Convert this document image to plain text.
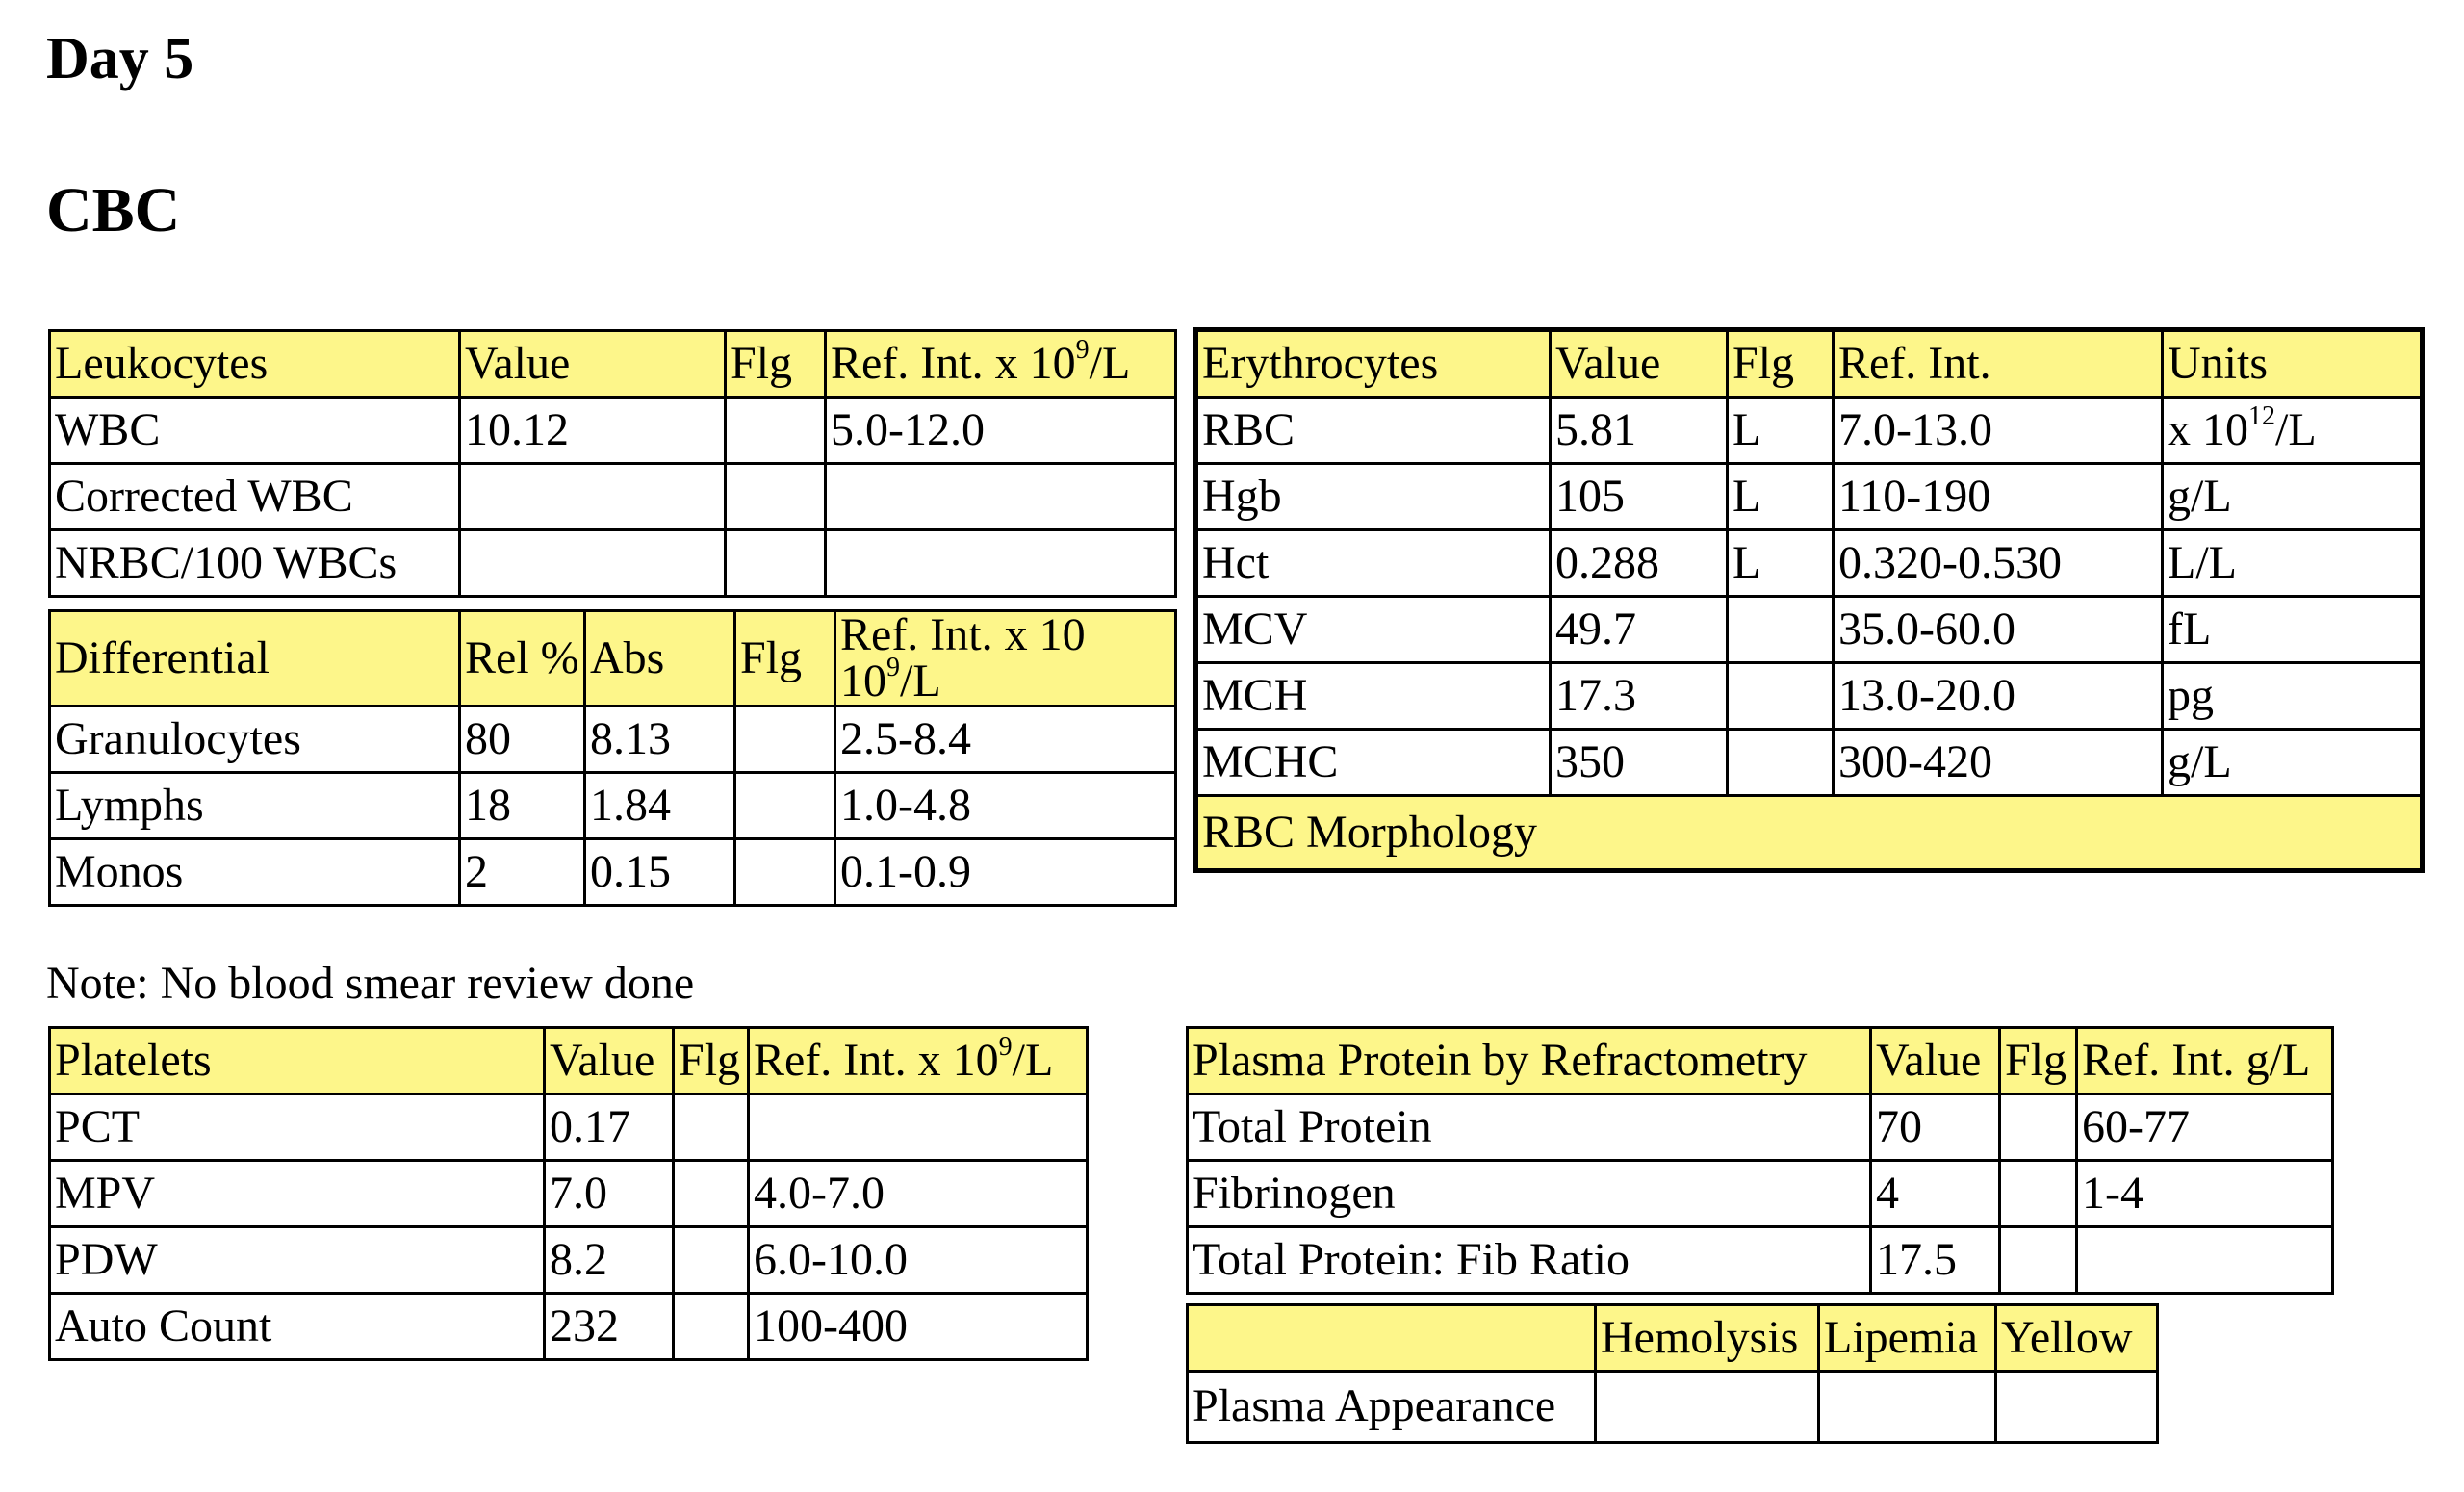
Day 5
CBC
Leukocytes	Value	Flg	Ref. Int. x $10^9/L$
WBC	10.12		5.0-12.0
Corrected WBC			
NRBC/100 WBCs			
Differential	Rel %	Abs	Flg	Ref. Int. x 10
$10^9/L$
Granulocytes	80	8.13		2.5-8.4
Lymphs	18	1.84		1.0-4.8
Monos	2	0.15		0.1-0.9
Note: No blood smear review done
Erythrocytes	Value	Flg	Ref. Int.	Units
RBC	5.81	L	7.0-13.0	x $10^{12}/L$
Hgb	105	L	110-190	g/L
Hct	0.288	L	0.320-0.530	L/L
MCV	49.7		35.0-60.0	fL
MCH	17.3		13.0-20.0	pg
MCHC	350		300-420	g/L
RBC Morphology				
Platelets	Value	Flg	Ref. Int. x $10^9/L$
PCT	0.17		
MPV	7.0		4.0-7.0
PDW	8.2		6.0-10.0
Auto Count	232		100-400
Plasma Protein by Refractometry	Value	Flg	Ref. Int. g/L
Total Protein	70		60-77
Fibrinogen	4		1-4
Total Protein: Fib Ratio	17.5		
	Hemolysis	Lipemia	Yellow
Plasma Appearance			
